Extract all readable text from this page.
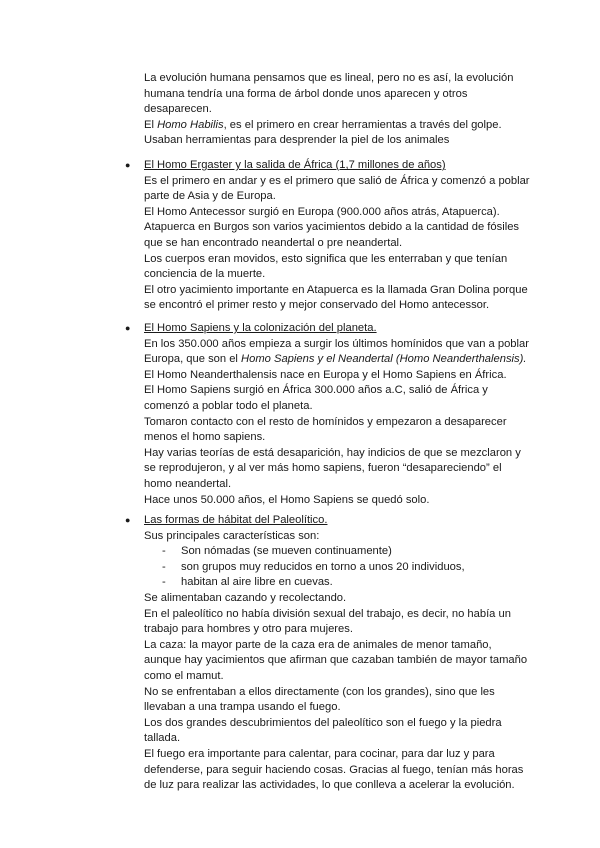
La evolución humana pensamos que es lineal, pero no es así, la evolución

humana tendría una forma de árbol donde unos aparecen y otros

desaparecen.

El Homo Habilis, es el primero en crear herramientas a través del golpe.

Usaban herramientas para desprender la piel de los animales

● El Homo Ergaster y la salida de África (1,7 millones de años)

Es el primero en andar y es el primero que salió de África y comenzó a poblar

parte de Asia y de Europa.

El Homo Antecessor surgió en Europa (900.000 años atrás, Atapuerca).

Atapuerca en Burgos son varios yacimientos debido a la cantidad de fósiles

que se han encontrado neandertal o pre neandertal.

Los cuerpos eran movidos, esto significa que les enterraban y que tenían

conciencia de la muerte.

El otro yacimiento importante en Atapuerca es la llamada Gran Dolina porque

se encontró el primer resto y mejor conservado del Homo antecessor.

● El Homo Sapiens y la colonización del planeta.

En los 350.000 años empieza a surgir los últimos homínidos que van a poblar

Europa, que son el Homo Sapiens y el Neandertal (Homo Neanderthalensis).

El Homo Neanderthalensis nace en Europa y el Homo Sapiens en África.

El Homo Sapiens surgió en África 300.000 años a.C, salió de África y

comenzó a poblar todo el planeta.

Tomaron contacto con el resto de homínidos y empezaron a desaparecer

menos el homo sapiens.

Hay varias teorías de está desaparición, hay indicios de que se mezclaron y

se reprodujeron, y al ver más homo sapiens, fueron “desapareciendo” el

homo neandertal.

Hace unos 50.000 años, el Homo Sapiens se quedó solo.

● Las formas de hábitat del Paleolítico.

Sus principales características son:

- Son nómadas (se mueven continuamente)
- son grupos muy reducidos en torno a unos 20 individuos,
- habitan al aire libre en cuevas.

Se alimentaban cazando y recolectando.

En el paleolítico no había división sexual del trabajo, es decir, no había un

trabajo para hombres y otro para mujeres.

La caza: la mayor parte de la caza era de animales de menor tamaño,

aunque hay yacimientos que afirman que cazaban también de mayor tamaño

como el mamut.

No se enfrentaban a ellos directamente (con los grandes), sino que les

llevaban a una trampa usando el fuego.

Los dos grandes descubrimientos del paleolítico son el fuego y la piedra

tallada.

El fuego era importante para calentar, para cocinar, para dar luz y para

defenderse, para seguir haciendo cosas. Gracias al fuego, tenían más horas

de luz para realizar las actividades, lo que conlleva a acelerar la evolución.
